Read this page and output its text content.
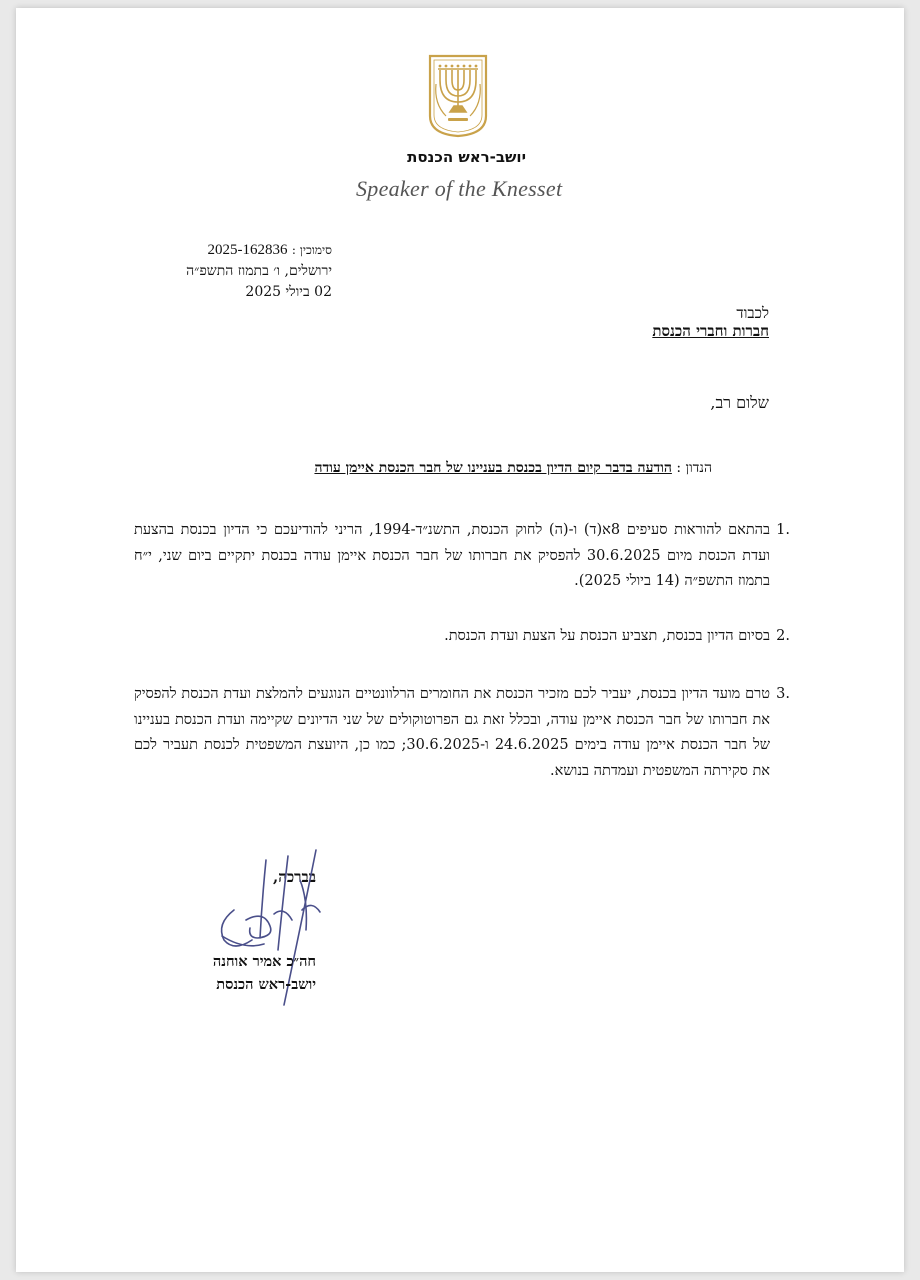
יושב-ראש הכנסת
Speaker of the Knesset
סימוכין : 2025-162836
ירושלים, ו׳ בתמוז התשפ״ה
02 ביולי 2025
לכבוד
חברות וחברי הכנסת
שלום רב,
הנדון : הודעה בדבר קיום הדיון בכנסת בעניינו של חבר הכנסת איימן עודה
1.
בהתאם להוראות סעיפים 8א(ד) ו-(ה) לחוק הכנסת, התשנ״ד-1994, הריני להודיעכם כי הדיון בכנסת בהצעת ועדת הכנסת מיום 30.6.2025 להפסיק את חברותו של חבר הכנסת איימן עודה בכנסת יתקיים ביום שני, י״ח בתמוז התשפ״ה (14 ביולי 2025).
2.
בסיום הדיון בכנסת, תצביע הכנסת על הצעת ועדת הכנסת.
3.
טרם מועד הדיון בכנסת, יעביר לכם מזכיר הכנסת את החומרים הרלוונטיים הנוגעים להמלצת ועדת הכנסת להפסיק את חברותו של חבר הכנסת איימן עודה, ובכלל זאת גם הפרוטוקולים של שני הדיונים שקיימה ועדת הכנסת בעניינו של חבר הכנסת איימן עודה בימים 24.6.2025 ו-30.6.2025; כמו כן, היועצת המשפטית לכנסת תעביר לכם את סקירתה המשפטית ועמדתה בנושא.
בברכה,
חה״כ אמיר אוחנה
יושב-ראש הכנסת
